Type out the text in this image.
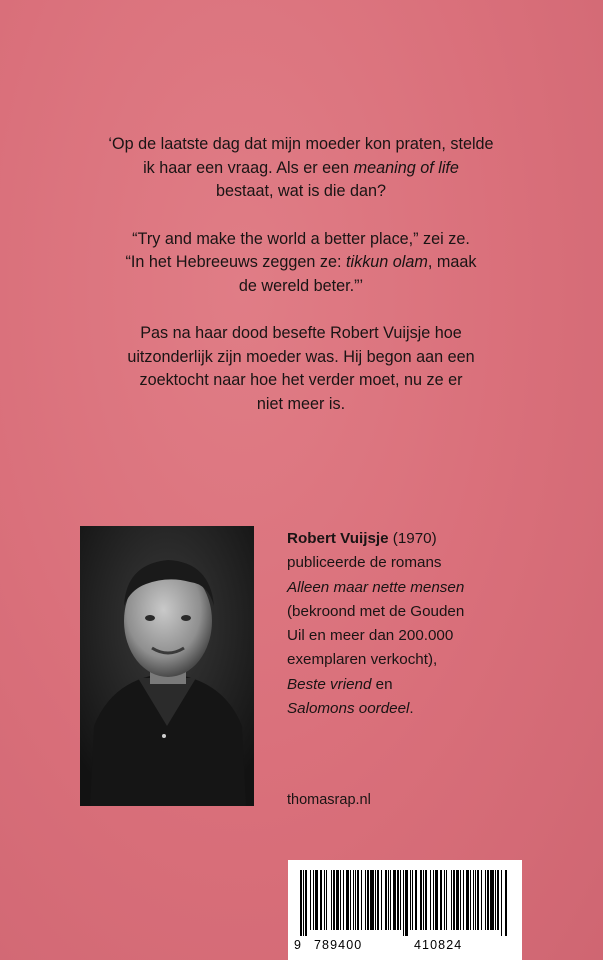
‘Op de laatste dag dat mijn moeder kon praten, stelde
ik haar een vraag. Als er een meaning of life
bestaat, wat is die dan?

“Try and make the world a better place,” zei ze.
“In het Hebreeuws zeggen ze: tikkun olam, maak
de wereld beter.”’

Pas na haar dood besefte Robert Vuijsje hoe
uitzonderlijk zijn moeder was. Hij begon aan een
zoektocht naar hoe het verder moet, nu ze er
niet meer is.

Robert Vuijsje (1970)
publiceerde de romans
Alleen maar nette mensen
(bekroond met de Gouden
Uil en meer dan 200.000
exemplaren verkocht),
Beste vriend en
Salomons oordeel.
thomasrap.nl
9 789400	410824
